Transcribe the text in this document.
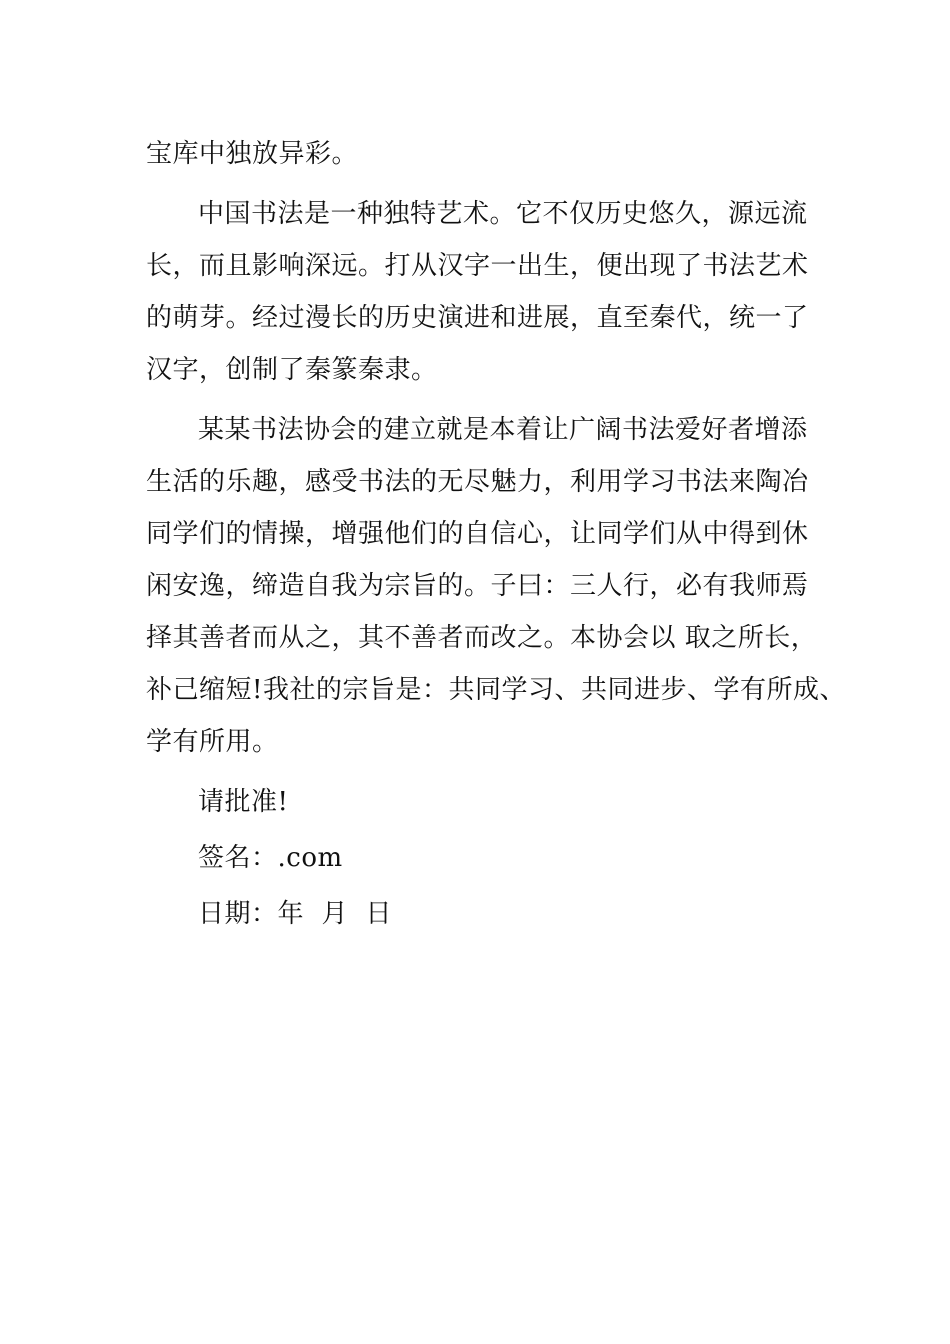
宝库中独放异彩。
中国书法是一种独特艺术。它不仅历史悠久，源远流
长，而且影响深远。打从汉字一出生，便出现了书法艺术
的萌芽。经过漫长的历史演进和进展，直至秦代，统一了
汉字，创制了秦篆秦隶。
某某书法协会的建立就是本着让广阔书法爱好者增添
生活的乐趣，感受书法的无尽魅力，利用学习书法来陶冶
同学们的情操，增强他们的自信心，让同学们从中得到休
闲安逸，缔造自我为宗旨的。子曰：三人行，必有我师焉
择其善者而从之，其不善者而改之。本协会以 取之所长，
补己缩短!我社的宗旨是：共同学习、共同进步、学有所成、
学有所用。
请批准!
签名：.com
日期：年  月  日
